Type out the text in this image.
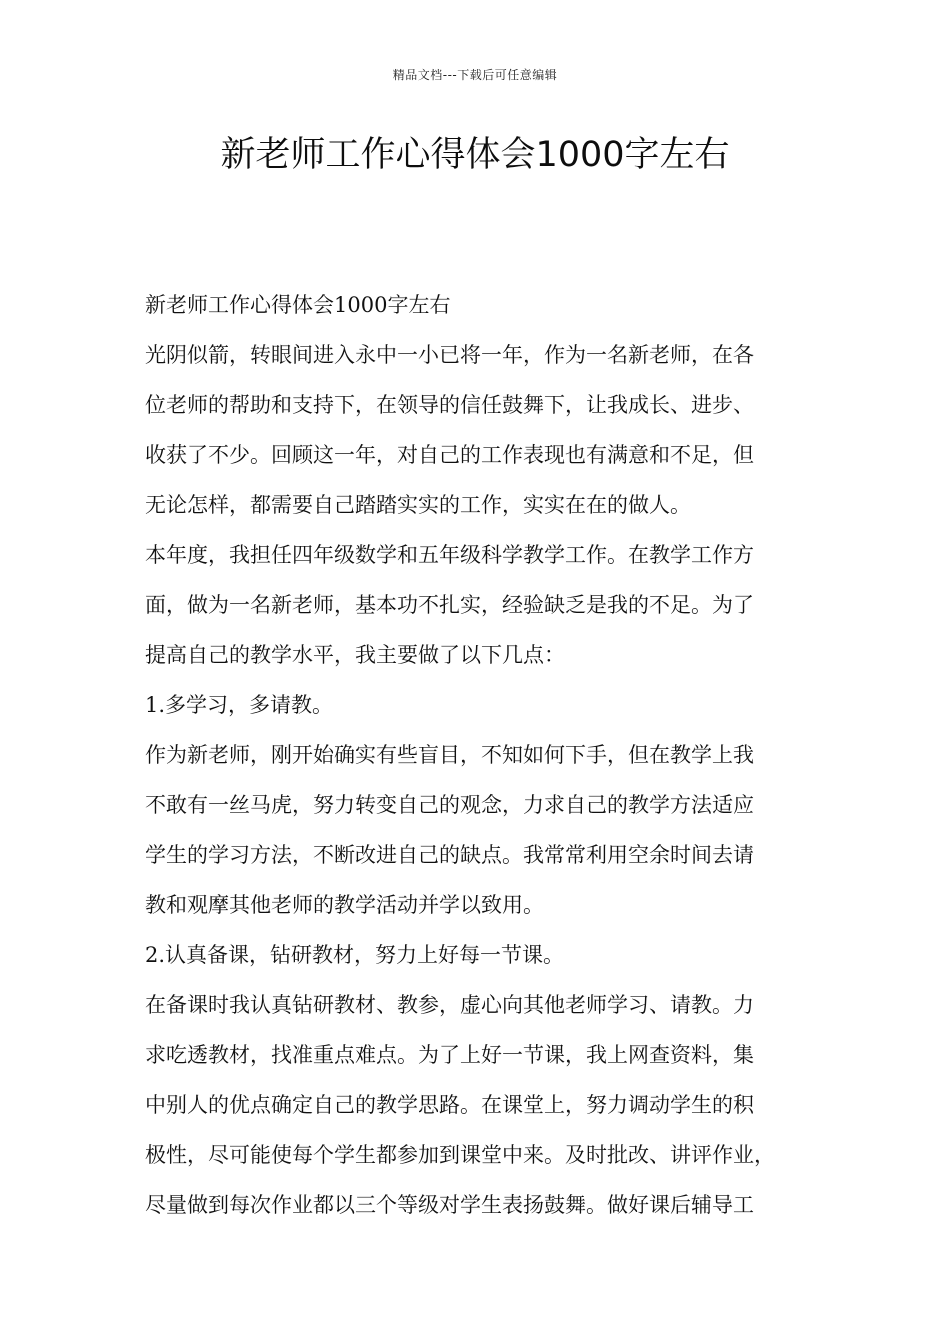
精品文档---下载后可任意编辑
新老师工作心得体会1000字左右
新老师工作心得体会1000字左右
光阴似箭，转眼间进入永中一小已将一年，作为一名新老师，在各
位老师的帮助和支持下，在领导的信任鼓舞下，让我成长、进步、
收获了不少。回顾这一年，对自己的工作表现也有满意和不足，但
无论怎样，都需要自己踏踏实实的工作，实实在在的做人。
本年度，我担任四年级数学和五年级科学教学工作。在教学工作方
面，做为一名新老师，基本功不扎实，经验缺乏是我的不足。为了
提高自己的教学水平，我主要做了以下几点：
1.多学习，多请教。
作为新老师，刚开始确实有些盲目，不知如何下手，但在教学上我
不敢有一丝马虎，努力转变自己的观念，力求自己的教学方法适应
学生的学习方法，不断改进自己的缺点。我常常利用空余时间去请
教和观摩其他老师的教学活动并学以致用。
2.认真备课，钻研教材，努力上好每一节课。
在备课时我认真钻研教材、教参，虚心向其他老师学习、请教。力
求吃透教材，找准重点难点。为了上好一节课，我上网查资料，集
中别人的优点确定自己的教学思路。在课堂上，努力调动学生的积
极性，尽可能使每个学生都参加到课堂中来。及时批改、讲评作业，
尽量做到每次作业都以三个等级对学生表扬鼓舞。做好课后辅导工
